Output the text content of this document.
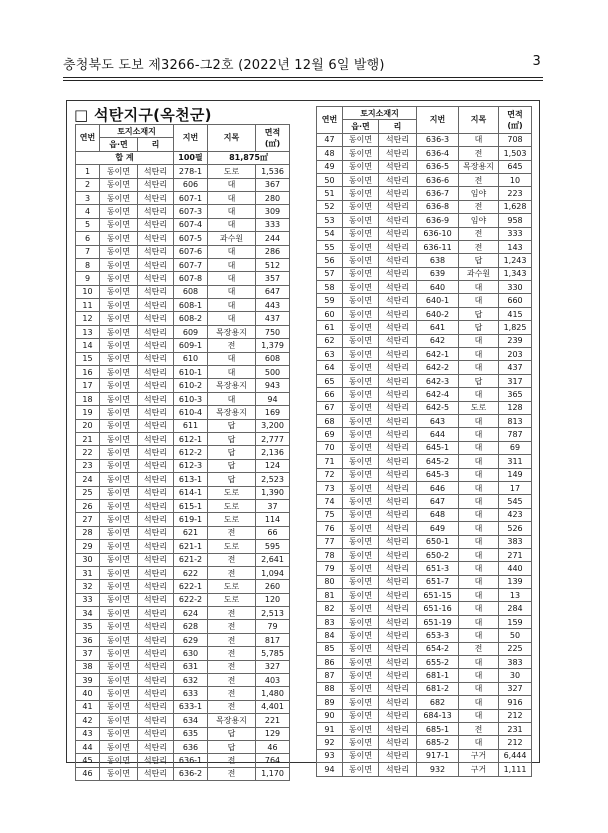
충청북도 도보 제3266-그2호 (2022년 12월 6일 발행)	3
□ 석탄지구(옥천군)
연번	토지소재지		지번	지목	면적
(㎡)
	읍·면	리			
합 계			100필	81,875㎡	
1	동이면	석탄리	278-1	도로	1,536
2	동이면	석탄리	606	대	367
3	동이면	석탄리	607-1	대	280
4	동이면	석탄리	607-3	대	309
5	동이면	석탄리	607-4	대	333
6	동이면	석탄리	607-5	과수원	244
7	동이면	석탄리	607-6	대	286
8	동이면	석탄리	607-7	대	512
9	동이면	석탄리	607-8	대	357
10	동이면	석탄리	608	대	647
11	동이면	석탄리	608-1	대	443
12	동이면	석탄리	608-2	대	437
13	동이면	석탄리	609	목장용지	750
14	동이면	석탄리	609-1	전	1,379
15	동이면	석탄리	610	대	608
16	동이면	석탄리	610-1	대	500
17	동이면	석탄리	610-2	목장용지	943
18	동이면	석탄리	610-3	대	94
19	동이면	석탄리	610-4	목장용지	169
20	동이면	석탄리	611	답	3,200
21	동이면	석탄리	612-1	답	2,777
22	동이면	석탄리	612-2	답	2,136
23	동이면	석탄리	612-3	답	124
24	동이면	석탄리	613-1	답	2,523
25	동이면	석탄리	614-1	도로	1,390
26	동이면	석탄리	615-1	도로	37
27	동이면	석탄리	619-1	도로	114
28	동이면	석탄리	621	전	66
29	동이면	석탄리	621-1	도로	595
30	동이면	석탄리	621-2	전	2,641
31	동이면	석탄리	622	전	1,094
32	동이면	석탄리	622-1	도로	260
33	동이면	석탄리	622-2	도로	120
34	동이면	석탄리	624	전	2,513
35	동이면	석탄리	628	전	79
36	동이면	석탄리	629	전	817
37	동이면	석탄리	630	전	5,785
38	동이면	석탄리	631	전	327
39	동이면	석탄리	632	전	403
40	동이면	석탄리	633	전	1,480
41	동이면	석탄리	633-1	전	4,401
42	동이면	석탄리	634	목장용지	221
43	동이면	석탄리	635	답	129
44	동이면	석탄리	636	답	46
45	동이면	석탄리	636-1	전	764
46	동이면	석탄리	636-2	전	1,170
연번	토지소재지		지번	지목	면적
(㎡)
	읍·면	리			
47	동이면	석탄리	636-3	대	708
48	동이면	석탄리	636-4	전	1,503
49	동이면	석탄리	636-5	목장용지	645
50	동이면	석탄리	636-6	전	10
51	동이면	석탄리	636-7	임야	223
52	동이면	석탄리	636-8	전	1,628
53	동이면	석탄리	636-9	임야	958
54	동이면	석탄리	636-10	전	333
55	동이면	석탄리	636-11	전	143
56	동이면	석탄리	638	답	1,243
57	동이면	석탄리	639	과수원	1,343
58	동이면	석탄리	640	대	330
59	동이면	석탄리	640-1	대	660
60	동이면	석탄리	640-2	답	415
61	동이면	석탄리	641	답	1,825
62	동이면	석탄리	642	대	239
63	동이면	석탄리	642-1	대	203
64	동이면	석탄리	642-2	대	437
65	동이면	석탄리	642-3	답	317
66	동이면	석탄리	642-4	대	365
67	동이면	석탄리	642-5	도로	128
68	동이면	석탄리	643	대	813
69	동이면	석탄리	644	대	787
70	동이면	석탄리	645-1	대	69
71	동이면	석탄리	645-2	대	311
72	동이면	석탄리	645-3	대	149
73	동이면	석탄리	646	대	17
74	동이면	석탄리	647	대	545
75	동이면	석탄리	648	대	423
76	동이면	석탄리	649	대	526
77	동이면	석탄리	650-1	대	383
78	동이면	석탄리	650-2	대	271
79	동이면	석탄리	651-3	대	440
80	동이면	석탄리	651-7	대	139
81	동이면	석탄리	651-15	대	13
82	동이면	석탄리	651-16	대	284
83	동이면	석탄리	651-19	대	159
84	동이면	석탄리	653-3	대	50
85	동이면	석탄리	654-2	전	225
86	동이면	석탄리	655-2	대	383
87	동이면	석탄리	681-1	대	30
88	동이면	석탄리	681-2	대	327
89	동이면	석탄리	682	대	916
90	동이면	석탄리	684-13	대	212
91	동이면	석탄리	685-1	전	231
92	동이면	석탄리	685-2	대	212
93	동이면	석탄리	917-1	구거	6,444
94	동이면	석탄리	932	구거	1,111
